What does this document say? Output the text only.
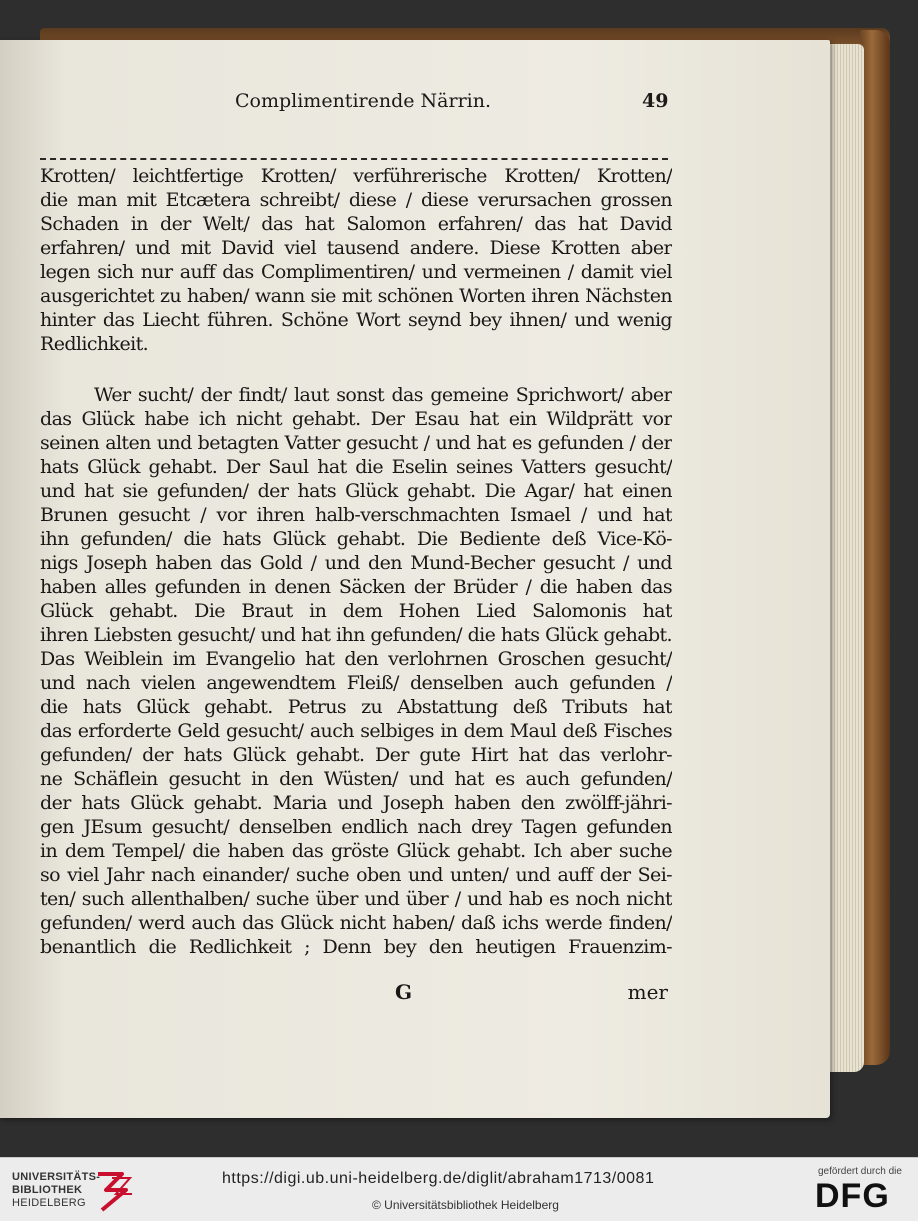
Complimentirende Närrin.	49
Krotten/ leichtfertige Krotten/ verführerische Krotten/ Krotten/
die man mit Etcætera schreibt/ diese / diese verursachen grossen
Schaden in der Welt/ das hat Salomon erfahren/ das hat David
erfahren/ und mit David viel tausend andere. Diese Krotten aber
legen sich nur auff das Complimentiren/ und vermeinen / damit viel
ausgerichtet zu haben/ wann sie mit schönen Worten ihren Nächsten
hinter das Liecht führen. Schöne Wort seynd bey ihnen/ und wenig
Redlichkeit.
Wer sucht/ der findt/ laut sonst das gemeine Sprichwort/ aber
das Glück habe ich nicht gehabt. Der Esau hat ein Wildprätt vor
seinen alten und betagten Vatter gesucht / und hat es gefunden / der
hats Glück gehabt. Der Saul hat die Eselin seines Vatters gesucht/
und hat sie gefunden/ der hats Glück gehabt. Die Agar/ hat einen
Brunen gesucht / vor ihren halb-verschmachten Ismael / und hat
ihn gefunden/ die hats Glück gehabt. Die Bediente deß Vice-Kö-
nigs Joseph haben das Gold / und den Mund-Becher gesucht / und
haben alles gefunden in denen Säcken der Brüder / die haben das
Glück gehabt. Die Braut in dem Hohen Lied Salomonis hat
ihren Liebsten gesucht/ und hat ihn gefunden/ die hats Glück gehabt.
Das Weiblein im Evangelio hat den verlohrnen Groschen gesucht/
und nach vielen angewendtem Fleiß/ denselben auch gefunden /
die hats Glück gehabt. Petrus zu Abstattung deß Tributs hat
das erforderte Geld gesucht/ auch selbiges in dem Maul deß Fisches
gefunden/ der hats Glück gehabt. Der gute Hirt hat das verlohr-
ne Schäflein gesucht in den Wüsten/ und hat es auch gefunden/
der hats Glück gehabt. Maria und Joseph haben den zwölff-jähri-
gen JEsum gesucht/ denselben endlich nach drey Tagen gefunden
in dem Tempel/ die haben das gröste Glück gehabt. Ich aber suche
so viel Jahr nach einander/ suche oben und unten/ und auff der Sei-
ten/ such allenthalben/ suche über und über / und hab es noch nicht
gefunden/ werd auch das Glück nicht haben/ daß ichs werde finden/
benantlich die Redlichkeit ; Denn bey den heutigen Frauenzim-
G	mer
UNIVERSITÄTS-
BIBLIOTHEK
HEIDELBERG
https://digi.ub.uni-heidelberg.de/diglit/abraham1713/0081
© Universitätsbibliothek Heidelberg
gefördert durch die
DFG
